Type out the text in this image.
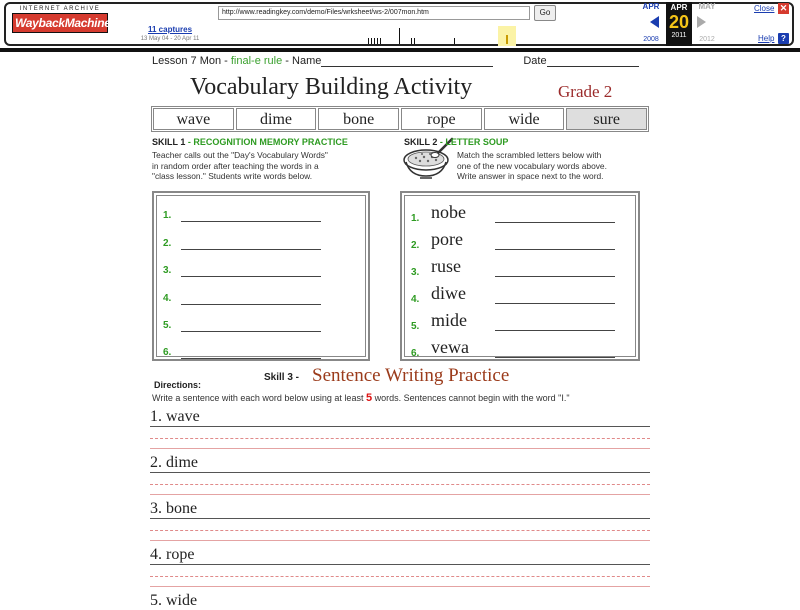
INTERNET ARCHIVE
WaybackMachine
http://www.readingkey.com/demo/Files/wrksheet/ws-2/007mon.htm	Go
11 captures
13 May 04 - 20 Apr 11
APR	MAY
2008	2012
APR
20
2011
Close ✕
Help ?
Lesson 7 Mon - final-e rule - Name	Date
Vocabulary Building Activity	Grade 2
wave	dime	bone	rope	wide	sure
SKILL 1 - RECOGNITION MEMORY PRACTICE
Teacher calls out the "Day's Vocabulary Words"
in random order after teaching the words in a
"class lesson." Students write words below.
1.
2.
3.
4.
5.
6.
SKILL 2 - LETTER SOUP
Match the scrambled letters below with
one of the new vocabulary words above.
Write answer in space next to the word.
1. nobe
2. pore
3. ruse
4. diwe
5. mide
6. vewa
Directions:
Skill 3 - Sentence Writing Practice
Write a sentence with each word below using at least 5 words. Sentences cannot begin with the word "I."
1. wave
2. dime
3. bone
4. rope
5. wide
